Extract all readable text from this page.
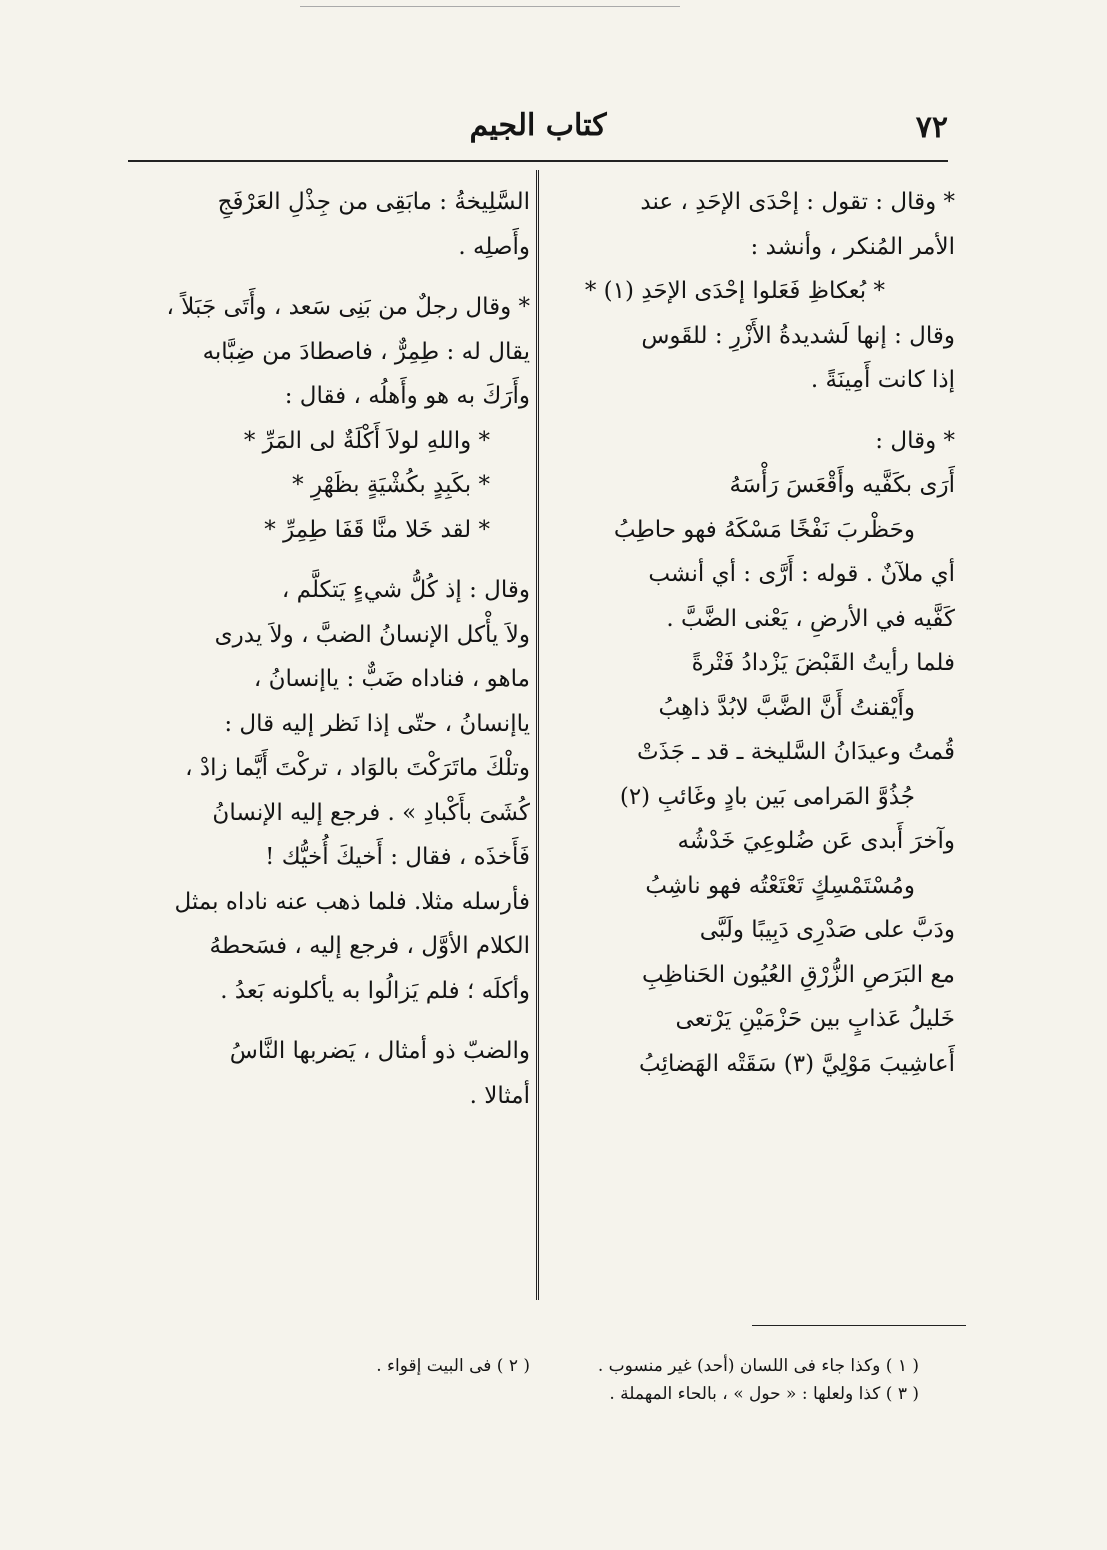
٧٢
كتاب الجيم
* وقال : تقول : إحْدَى الإحَدِ ، عند
الأمر المُنكر ، وأنشد :
* بُعكاظِ فَعَلوا إحْدَى الإحَدِ (١) *
وقال : إنها لَشديدةُ الأَزْرِ : للقَوس
إذا كانت أَمِينَةً .
* وقال :
أَرَى بكَفَّيه وأَقْعَسَ رَأْسَهُ
وحَظْربَ نَفْخًا مَسْكَهُ فهو حاطِبُ
أي ملآنٌ . قوله : أَرَّى : أي أنشب
كَفَّيه في الأرضِ ، يَعْنى الضَّبَّ .
فلما رأيتُ القَبْضَ يَزْدادُ فَتْرةً
وأَيْقنتُ أَنَّ الضَّبَّ لابُدَّ ذاهِبُ
قُمتُ وعيدَانُ السَّليخة ـ قد ـ جَذَتْ
جُذُوَّ المَرامى بَين بادٍ وغَائبِ (٢)
وآخرَ أَبدى عَن ضُلوعِيَ خَدْشُه
ومُسْتَمْسِكٍ تَعْتَعْتُه فهو ناشِبُ
ودَبَّ على صَدْرِى دَبِيبًا ولَبَّى
مع البَرَصِ الزُّرْقِ العُيُون الحَناظِبِ
خَليلُ عَذابٍ بين حَزْمَيْنِ يَرْتعى
أَعاشِيبَ مَوْلِيَّ (٣) سَقَتْه الهَضائِبُ
السَّلِيخةُ : مابَقِى من جِذْلِ العَرْفَجِ
وأَصلِه .
* وقال رجلٌ من بَنِى سَعد ، وأَتَى جَبَلاً ،
يقال له : طِمِرٌّ ، فاصطادَ من ضِبَّابه
وأَرَكَ به هو وأَهلُه ، فقال :
* واللهِ لولاَ أَكْلَةٌ لى المَرِّ *
* بكَبِدٍ بكُشْيَةٍ بظَهْرِ *
* لقد خَلا منَّا قَفَا طِمِرِّ *
وقال : إذ كُلُّ شيءٍ يَتكلَّم ،
ولاَ يأْكل الإنسانُ الضبَّ ، ولاَ يدرى
ماهو ، فناداه ضَبٌّ : ياإنسانُ ،
ياإنسانُ ، حتّى إذا نَظر إليه قال :
وتلْكَ ماتَرَكْتَ بالوَاد ، تركْتَ أَيَّما زادْ ،
كُشَىَ بأَكْبادِ » . فرجع إليه الإنسانُ
فَأَخذَه ، فقال : أَخيكَ أُخيُّك !
فأرسله مثلا. فلما ذهب عنه ناداه بمثل
الكلام الأوَّل ، فرجع إليه ، فسَحطهُ
وأكلَه ؛ فلم يَزالُوا به يأكلونه بَعدُ .
والضبّ ذو أمثال ، يَضربها النَّاسُ
أمثالا .
( ١ ) وكذا جاء فى اللسان (أحد) غير منسوب .
( ٣ ) كذا ولعلها : « حول » ، بالحاء المهملة .
( ٢ ) فى البيت إقواء .
